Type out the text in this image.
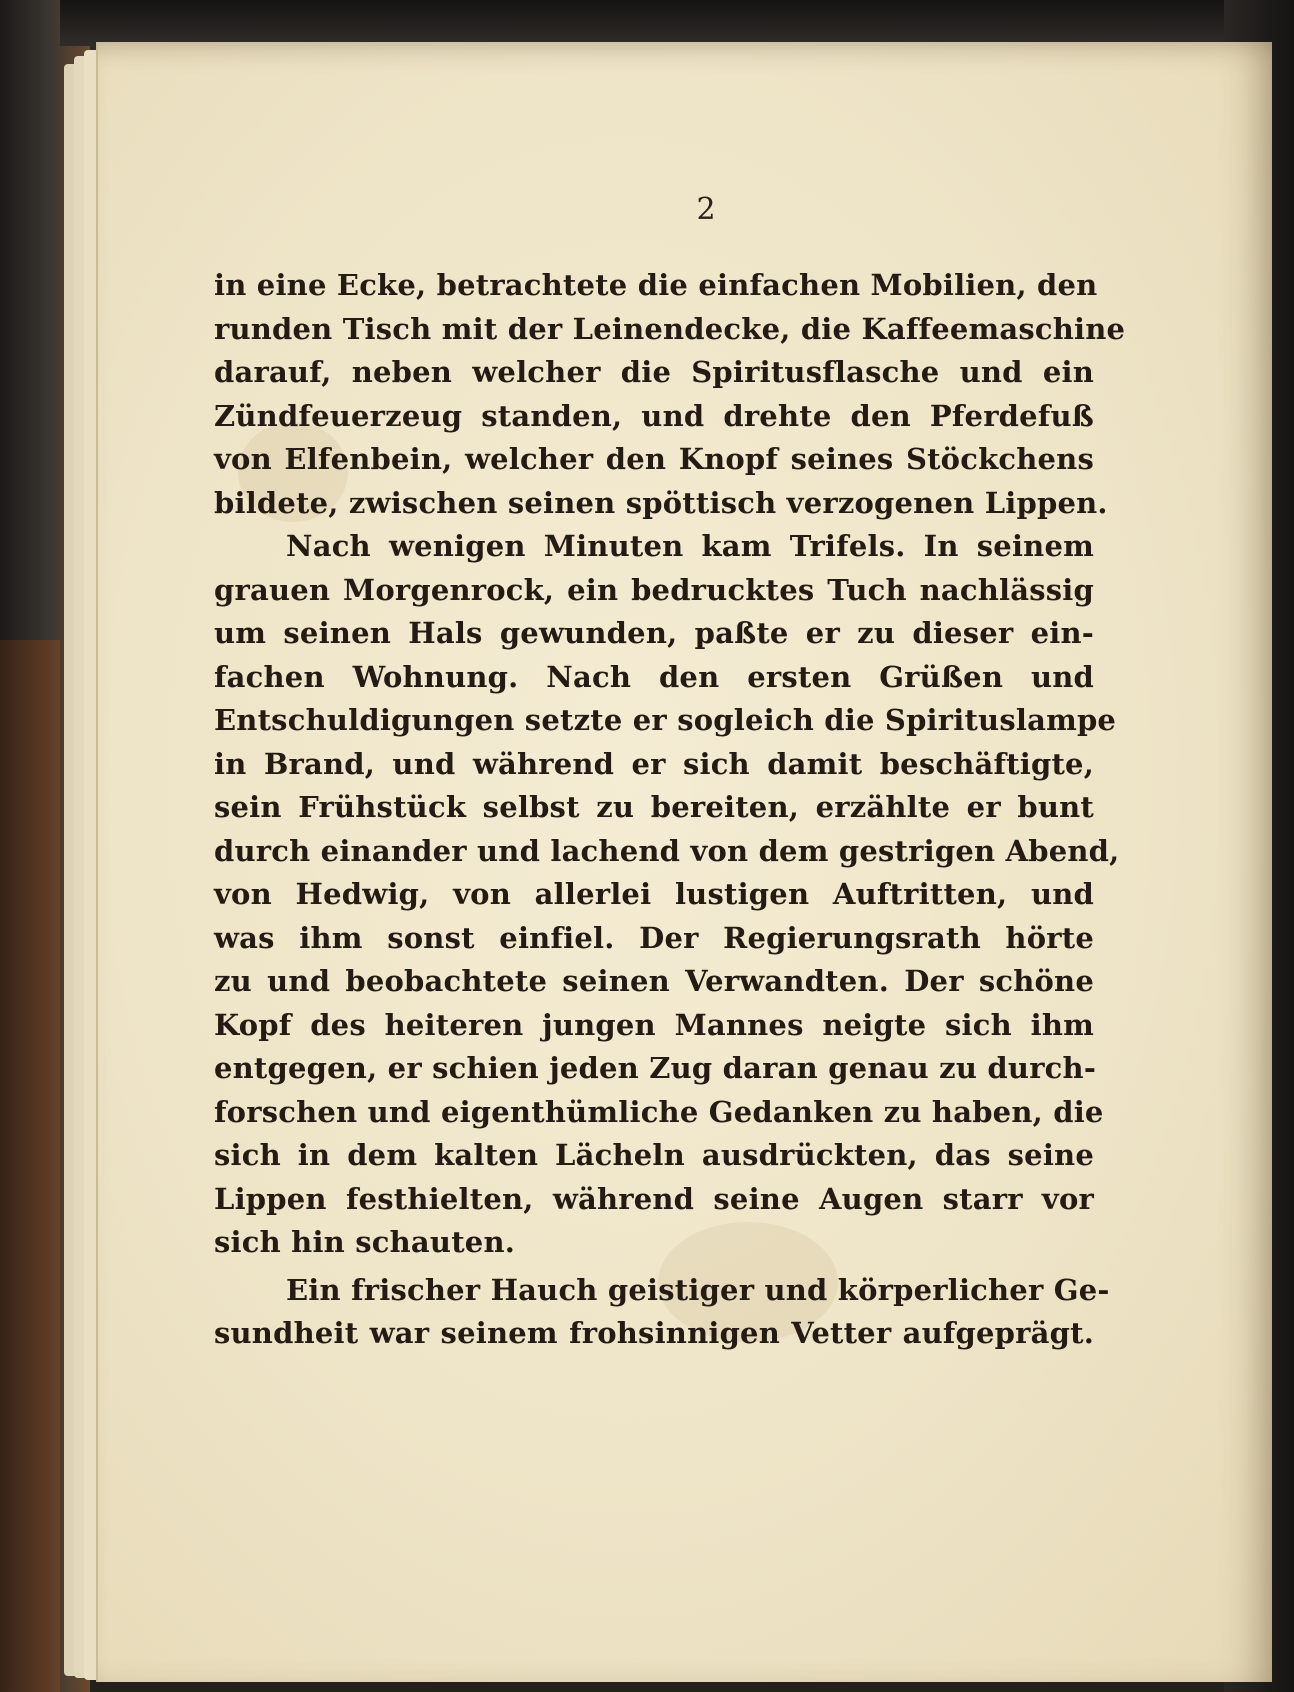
2
in eine Ecke, betrachtete die einfachen Mobilien, den
runden Tisch mit der Leinendecke, die Kaffeemaschine
darauf, neben welcher die Spiritusflasche und ein
Zündfeuerzeug standen, und drehte den Pferdefuß
von Elfenbein, welcher den Knopf seines Stöckchens
bildete, zwischen seinen spöttisch verzogenen Lippen.
Nach wenigen Minuten kam Trifels. In seinem
grauen Morgenrock, ein bedrucktes Tuch nachlässig
um seinen Hals gewunden, paßte er zu dieser ein-
fachen Wohnung. Nach den ersten Grüßen und
Entschuldigungen setzte er sogleich die Spirituslampe
in Brand, und während er sich damit beschäftigte,
sein Frühstück selbst zu bereiten, erzählte er bunt
durch einander und lachend von dem gestrigen Abend,
von Hedwig, von allerlei lustigen Auftritten, und
was ihm sonst einfiel. Der Regierungsrath hörte
zu und beobachtete seinen Verwandten. Der schöne
Kopf des heiteren jungen Mannes neigte sich ihm
entgegen, er schien jeden Zug daran genau zu durch-
forschen und eigenthümliche Gedanken zu haben, die
sich in dem kalten Lächeln ausdrückten, das seine
Lippen festhielten, während seine Augen starr vor
sich hin schauten.
Ein frischer Hauch geistiger und körperlicher Ge-
sundheit war seinem frohsinnigen Vetter aufgeprägt.
